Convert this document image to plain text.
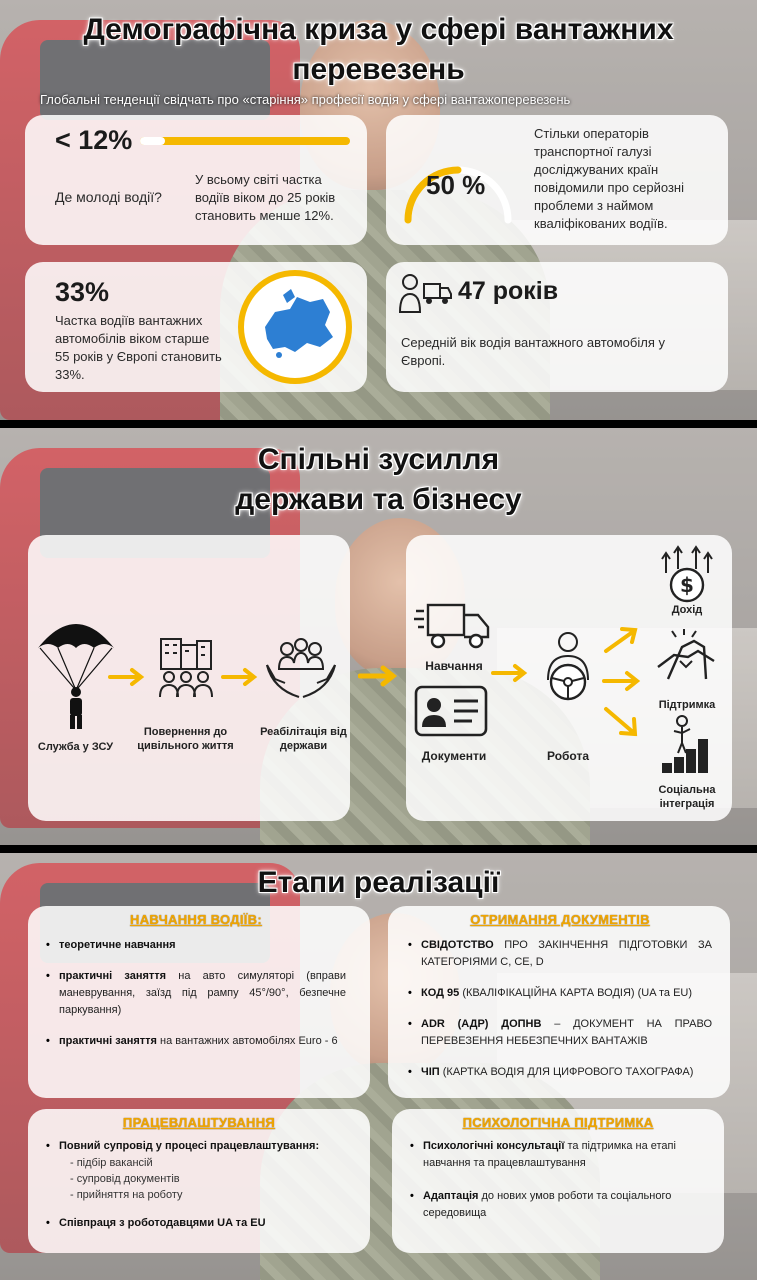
Демографічна криза у сфері вантажних перевезень
Глобальні тенденції свідчать про «старіння» професії водія у сфері вантажоперевезень
< 12%
Де молоді водії?
У всьому світі частка водіїв віком до 25 років становить менше 12%.
50 %
Стільки операторів транспортної галузі досліджуваних країн повідомили про серйозні проблеми з наймом кваліфікованих водіїв.
33%
Частка водіїв вантажних автомобілів віком старше 55 років у Європі становить 33%.
47 років
Середній вік водія вантажного автомобіля у Європі.
Спільні зусилля
держави та бізнесу
Служба у ЗСУ
Повернення до цивільного життя
Реабілітація від держави
Навчання
Документи	Робота
$
Дохід
Підтримка
Соціальна інтеграція
Етапи реалізації
НАВЧАННЯ ВОДІЇВ:
• теоретичне навчання
• практичні заняття на авто симуляторі (вправи маневрування, заїзд під рампу 45°/90°, безпечне паркування)
• практичні заняття на вантажних автомобілях Euro - 6
ОТРИМАННЯ ДОКУМЕНТІВ
• СВІДОТСТВО ПРО ЗАКІНЧЕННЯ ПІДГОТОВКИ ЗА КАТЕГОРІЯМИ С, СЕ, D
• КОД 95 (КВАЛІФІКАЦІЙНА КАРТА ВОДІЯ) (UA та EU)
• ADR (АДР) ДОПНВ – ДОКУМЕНТ НА ПРАВО ПЕРЕВЕЗЕННЯ НЕБЕЗПЕЧНИХ ВАНТАЖІВ
• ЧІП (КАРТКА ВОДІЯ ДЛЯ ЦИФРОВОГО ТАХОГРАФА)
ПРАЦЕВЛАШТУВАННЯ
• Повний супровід у процесі працевлаштування:
- підбір вакансій
- супровід документів
- прийняття на роботу
• Співпраця з роботодавцями UA та EU
ПСИХОЛОГІЧНА ПІДТРИМКА
• Психологічні консультації та підтримка на етапі навчання та працевлаштування
• Адаптація до нових умов роботи та соціального середовища
